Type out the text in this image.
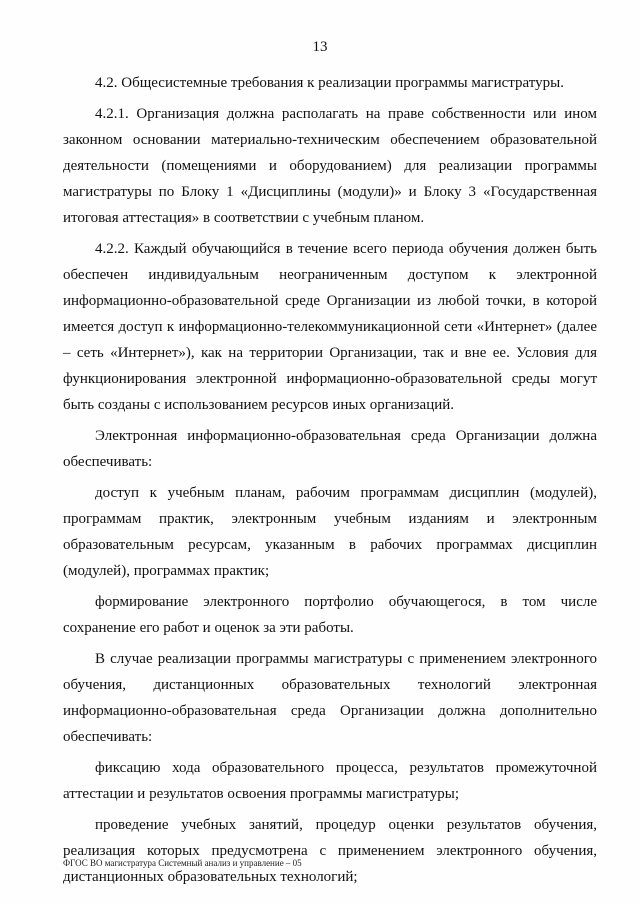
13

4.2. Общесистемные требования к реализации программы магистратуры.

4.2.1. Организация должна располагать на праве собственности или ином законном основании материально-техническим обеспечением образовательной деятельности (помещениями и оборудованием) для реализации программы магистратуры по Блоку 1 «Дисциплины (модули)» и Блоку 3 «Государственная итоговая аттестация» в соответствии с учебным планом.

4.2.2. Каждый обучающийся в течение всего периода обучения должен быть обеспечен индивидуальным неограниченным доступом к электронной информационно-образовательной среде Организации из любой точки, в которой имеется доступ к информационно-телекоммуникационной сети «Интернет» (далее – сеть «Интернет»), как на территории Организации, так и вне ее. Условия для функционирования электронной информационно-образовательной среды могут быть созданы с использованием ресурсов иных организаций.

Электронная информационно-образовательная среда Организации должна обеспечивать:

доступ к учебным планам, рабочим программам дисциплин (модулей), программам практик, электронным учебным изданиям и электронным образовательным ресурсам, указанным в рабочих программах дисциплин (модулей), программах практик;

формирование электронного портфолио обучающегося, в том числе сохранение его работ и оценок за эти работы.

В случае реализации программы магистратуры с применением электронного обучения, дистанционных образовательных технологий электронная информационно-образовательная среда Организации должна дополнительно обеспечивать:

фиксацию хода образовательного процесса, результатов промежуточной аттестации и результатов освоения программы магистратуры;

проведение учебных занятий, процедур оценки результатов обучения, реализация которых предусмотрена с применением электронного обучения, дистанционных образовательных технологий;

ФГОС ВО магистратура Системный анализ и управление – 05
